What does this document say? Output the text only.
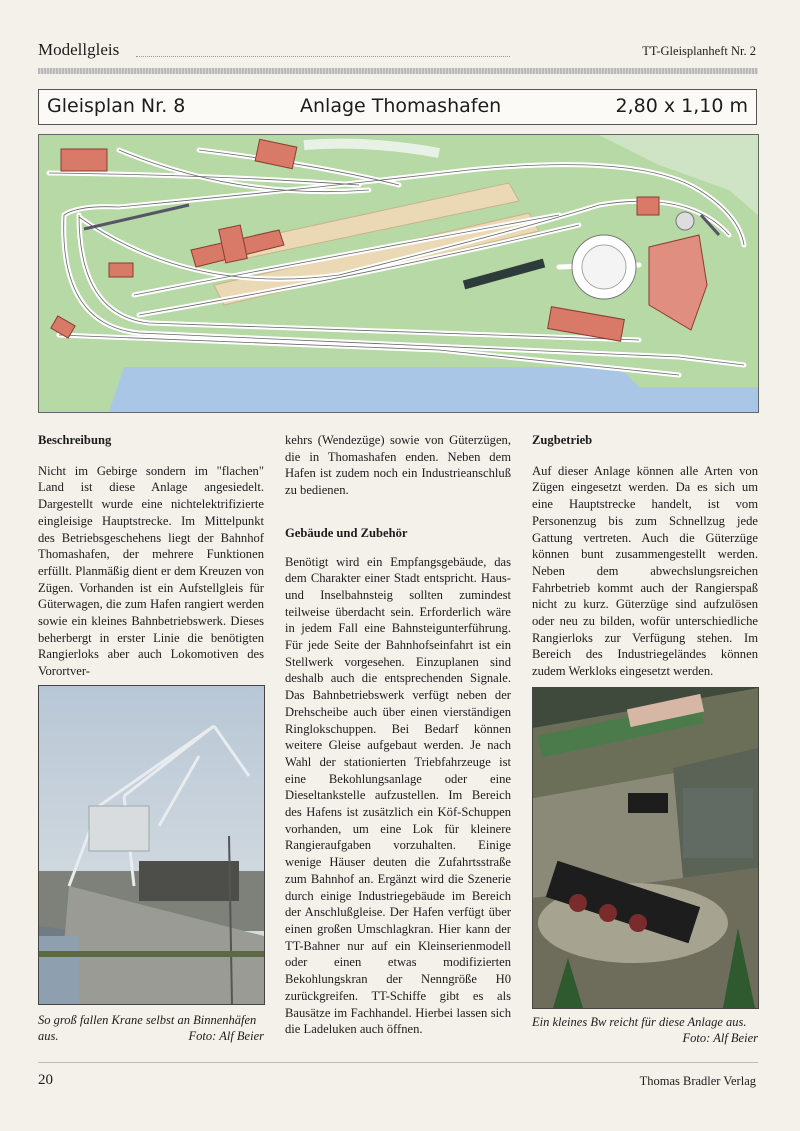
Modellgleis	TT-Gleisplanheft Nr. 2
Gleisplan Nr. 8	Anlage Thomashafen	2,80 x 1,10 m
Beschreibung

Nicht im Gebirge sondern im "flachen" Land ist diese Anlage angesiedelt. Dargestellt wurde eine nichtelektrifizierte eingleisige Hauptstrecke. Im Mittelpunkt des Betriebsgeschehens liegt der Bahnhof Thomashafen, der mehrere Funktionen erfüllt. Planmäßig dient er dem Kreuzen von Zügen. Vorhanden ist ein Aufstellgleis für Güterwagen, die zum Hafen rangiert werden sowie ein kleines Bahnbetriebswerk. Dieses beherbergt in erster Linie die benötigten Rangierloks aber auch Lokomotiven des Vorortver-

So groß fallen Krane selbst an Binnenhäfen aus.	Foto: Alf Beier

kehrs (Wendezüge) sowie von Güterzügen, die in Thomashafen enden. Neben dem Hafen ist zudem noch ein Industrieanschluß zu bedienen.

Gebäude und Zubehör

Benötigt wird ein Empfangsgebäude, das dem Charakter einer Stadt entspricht. Haus- und Inselbahnsteig sollten zumindest teilweise überdacht sein. Erforderlich wäre in jedem Fall eine Bahnsteigunterführung. Für jede Seite der Bahnhofseinfahrt ist ein Stellwerk vorgesehen. Einzuplanen sind deshalb auch die entsprechenden Signale. Das Bahnbetriebswerk verfügt neben der Drehscheibe auch über einen vierständigen Ringlokschuppen. Bei Bedarf können weitere Gleise aufgebaut werden. Je nach Wahl der stationierten Triebfahrzeuge ist eine Bekohlungsanlage oder eine Dieseltankstelle aufzustellen. Im Bereich des Hafens ist zusätzlich ein Köf-Schuppen vorhanden, um eine Lok für kleinere Rangieraufgaben vorzuhalten. Einige wenige Häuser deuten die Zufahrtsstraße zum Bahnhof an. Ergänzt wird die Szenerie durch einige Industriegebäude im Bereich der Anschlußgleise. Der Hafen verfügt über einen großen Umschlagkran. Hier kann der TT-Bahner nur auf ein Kleinserienmodell oder einen etwas modifizierten Bekohlungskran der Nenngröße H0 zurückgreifen. TT-Schiffe gibt es als Bausätze im Fachhandel. Hierbei lassen sich die Ladeluken auch öffnen.

Zugbetrieb

Auf dieser Anlage können alle Arten von Zügen eingesetzt werden. Da es sich um eine Hauptstrecke handelt, ist vom Personenzug bis zum Schnellzug jede Gattung vertreten. Auch die Güterzüge können bunt zusammengestellt werden. Neben dem abwechslungsreichen Fahrbetrieb kommt auch der Rangierspaß nicht zu kurz. Güterzüge sind aufzulösen oder neu zu bilden, wofür unterschiedliche Rangierloks zur Verfügung stehen. Im Bereich des Industriegeländes können zudem Werkloks eingesetzt werden.

Ein kleines Bw reicht für diese Anlage aus.
Foto: Alf Beier
20	Thomas Bradler Verlag
